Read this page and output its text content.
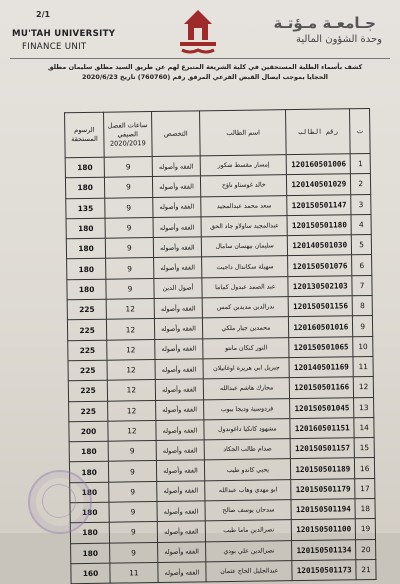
2/1
MU'TAH UNIVERSITY
FINANCE UNIT
جـامعـة مـؤتـة
وحدة الشؤون المالية
كشف بأسماء الطلبة المستحقين في كلية الشريعة المتبرع لهم عن طريق السيد مطلق سليمان مطلق الحجايا بموجب ايصال القبض الفرعي المرفق رقم (760760) تاريخ 2020/6/23
ت	رقم الطالب	اسم الطالب	التخصص	ساعات الفصل الصيفي 2020/2019	الرسوم المستحقة
1	120160501006	إمسار مقسط شكور	الفقه وأصوله	9	180
2	120140501029	خالد غوستاو ناؤح	الفقه وأصوله	9	180
3	120150501147	سعد محمد عبدالمجيد	الفقه وأصوله	9	135
4	120150501180	عبدالمجيد ساولاو جاد الحق	الفقه وأصوله	9	180
5	120140501030	سليمان بيهسان سامال	الفقه وأصوله	9	180
6	120150501076	سهيلة سكاندال داجيت	الفقه وأصوله	9	180
7	120130502103	عبد الصمد عبدول كماما	أصول الدين	9	180
8	120150501156	بدرالدين مديدين كمس	الفقه وأصوله	12	225
9	120160501016	محمدين جيار ملكي	الفقه وأصوله	12	225
10	120150501065	النور كنكان مانتو	الفقه وأصوله	12	225
11	120140501169	جبريل ابي هريرة اوغانيلان	الفقه وأصوله	12	225
12	120150501166	محارك هاشم عبدالله	الفقه وأصوله	12	225
13	120150501045	فردوسية وديجا بيوب	الفقه وأصوله	12	225
14	120160501151	مشهود كانكيا داغوندول	الفقه وأصوله	12	200
15	120150501157	صدام طالب الجكاد	الفقه وأصوله	9	180
16	120150501189	يحيي كاندو طيب	الفقه وأصوله	9	180
17	120150501179	ابو مهدي وهاب عبدالله	الفقه وأصوله	9	180
18	120150501194	سدحان يوسف صالح	الفقه وأصوله	9	180
19	120150501100	نصرالدين ماما طيب	الفقه وأصوله	9	180
20	120150501134	نصرالدين علي بودي	الفقه وأصوله	9	180
21	120150501173	عبدالجليل الحاج عثمان	الفقه وأصوله	11	160
